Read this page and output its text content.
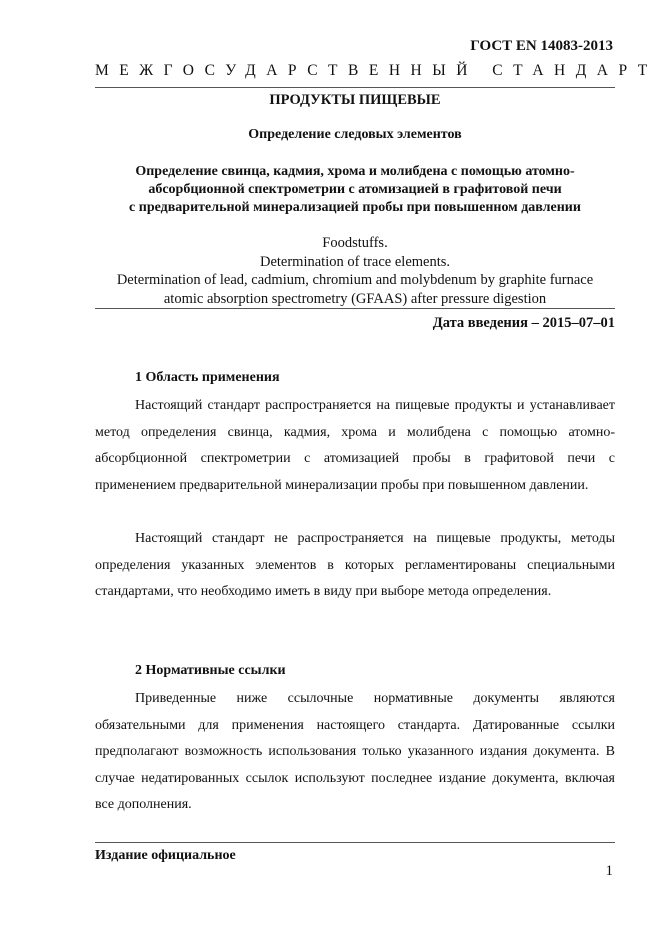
ГОСТ EN 14083-2013
МЕЖГОСУДАРСТВЕННЫЙ СТАНДАРТ
ПРОДУКТЫ ПИЩЕВЫЕ
Определение следовых элементов
Определение свинца, кадмия, хрома и молибдена с помощью атомно-
абсорбционной спектрометрии с атомизацией в графитовой печи
с предварительной минерализацией пробы при повышенном давлении
Foodstuffs.
Determination of trace elements.
Determination of lead, cadmium, chromium and molybdenum by graphite furnace
atomic absorption spectrometry (GFAAS) after pressure digestion
Дата введения – 2015–07–01
1 Область применения
Настоящий стандарт распространяется на пищевые продукты и устанавливает метод определения свинца, кадмия, хрома и молибдена с помощью атомно-абсорбционной спектрометрии с атомизацией пробы в графитовой печи с применением предварительной минерализации пробы при повышенном давлении.
Настоящий стандарт не распространяется на пищевые продукты, методы определения указанных элементов в которых регламентированы специальными стандартами, что необходимо иметь в виду при выборе метода определения.
2 Нормативные ссылки
Приведенные ниже ссылочные нормативные документы являются обязательными для применения настоящего стандарта. Датированные ссылки предполагают возможность использования только указанного издания документа. В случае недатированных ссылок используют последнее издание документа, включая все дополнения.
Издание официальное
1
